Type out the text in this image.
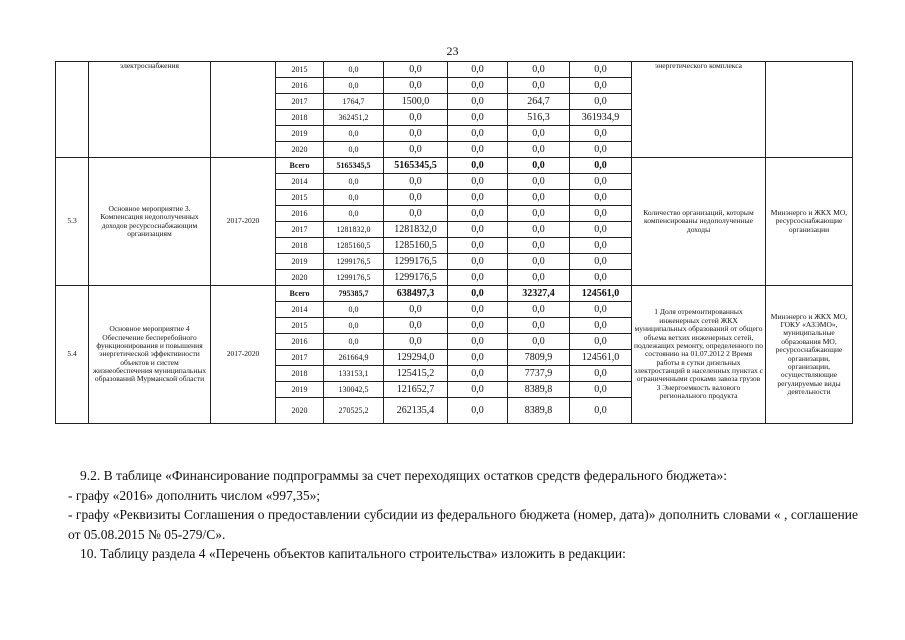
23
	электроснабжения		2015	0,0	0,0	0,0	0,0	0,0	энергетического комплекса	
			2016	0,0	0,0	0,0	0,0	0,0		
			2017	1764,7	1500,0	0,0	264,7	0,0		
			2018	362451,2	0,0	0,0	516,3	361934,9		
			2019	0,0	0,0	0,0	0,0	0,0		
			2020	0,0	0,0	0,0	0,0	0,0		
5.3	Основное мероприятие 3. Компенсация недополученных доходов ресурсоснабжающим организациям	2017-2020	Всего	5165345,5	5165345,5	0,0	0,0	0,0	Количество организаций, которым компенсированы недополученные доходы	Минэнерго и ЖКХ МО, ресурсоснабжающие организации
			2014	0,0	0,0	0,0	0,0	0,0		
			2015	0,0	0,0	0,0	0,0	0,0		
			2016	0,0	0,0	0,0	0,0	0,0		
			2017	1281832,0	1281832,0	0,0	0,0	0,0		
			2018	1285160,5	1285160,5	0,0	0,0	0,0		
			2019	1299176,5	1299176,5	0,0	0,0	0,0		
			2020	1299176,5	1299176,5	0,0	0,0	0,0		
5.4	Основное мероприятие 4 Обеспечение бесперебойного функционирования и повышения энергетической эффективности объектов и систем жизнеобеспечения муниципальных образований Мурманской области	2017-2020	Всего	795385,7	638497,3	0,0	32327,4	124561,0	1 Доля отремонтированных инженерных сетей ЖКХ муниципальных образований от общего объема ветхих инженерных сетей, подлежащих ремонту, определенного по состоянию на 01.07.2012 2 Время работы в сутки дизельных электростанций в населенных пунктах с ограниченными сроками завоза грузов 3 Энергоемкость валового регионального продукта	Минэнерго и ЖКХ МО, ГОКУ «АЗЭМО», муниципальные образования МО, ресурсоснабжающие организации, организации, осуществляющие регулируемые виды деятельности
			2014	0,0	0,0	0,0	0,0	0,0		
			2015	0,0	0,0	0,0	0,0	0,0		
			2016	0,0	0,0	0,0	0,0	0,0		
			2017	261664,9	129294,0	0,0	7809,9	124561,0		
			2018	133153,1	125415,2	0,0	7737,9	0,0		
			2019	130042,5	121652,7	0,0	8389,8	0,0		
			2020	270525,2	262135,4	0,0	8389,8	0,0		

9.2. В таблице «Финансирование подпрограммы за счет переходящих остатков средств федерального бюджета»:

- графу «2016» дополнить числом «997,35»;

- графу «Реквизиты Соглашения о предоставлении субсидии из федерального бюджета (номер, дата)» дополнить словами « , соглашение от 05.08.2015 № 05-279/С».

10. Таблицу раздела 4 «Перечень объектов капитального строительства» изложить в редакции:
